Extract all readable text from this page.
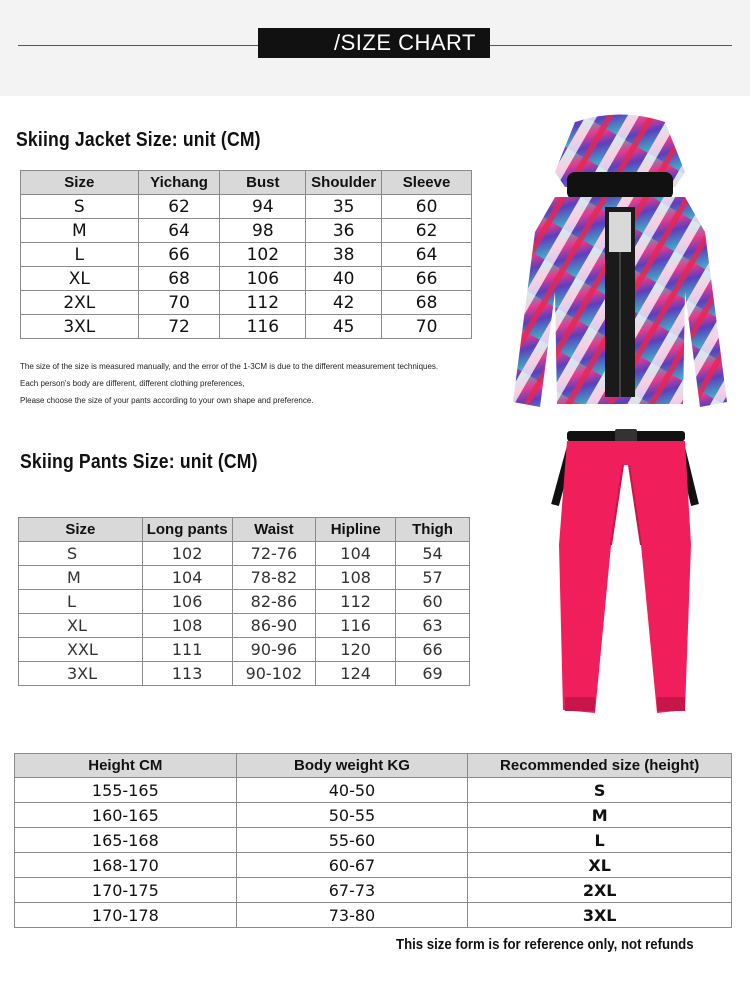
/SIZE CHART
Skiing Jacket Size: unit (CM)
Size	Yichang	Bust	Shoulder	Sleeve
S	62	94	35	60
M	64	98	36	62
L	66	102	38	64
XL	68	106	40	66
2XL	70	112	42	68
3XL	72	116	45	70
The size of the size is measured manually, and the error of the 1-3CM is due to the different measurement techniques.
Each person's body are different, different clothing preferences,
Please choose the size of your pants according to your own shape and preference.
Skiing Pants Size: unit (CM)
Size	Long pants	Waist	Hipline	Thigh
S	102	72-76	104	54
M	104	78-82	108	57
L	106	82-86	112	60
XL	108	86-90	116	63
XXL	111	90-96	120	66
3XL	113	90-102	124	69
Height CM	Body weight KG	Recommended size (height)
155-165	40-50	S
160-165	50-55	M
165-168	55-60	L
168-170	60-67	XL
170-175	67-73	2XL
170-178	73-80	3XL
This size form is for reference only, not refunds
